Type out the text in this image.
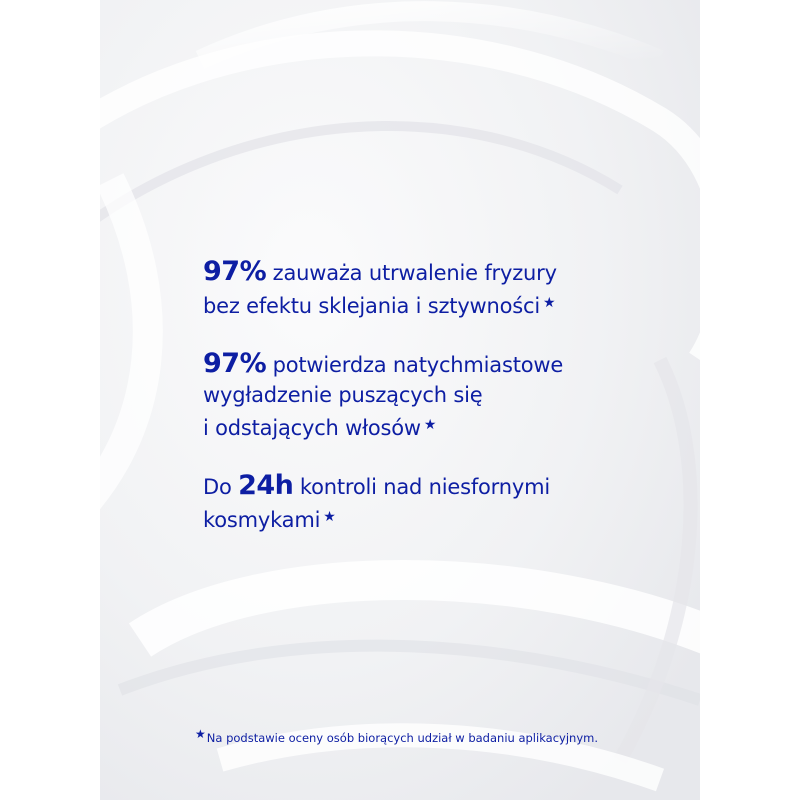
97% zauważa utrwalenie fryzury
bez efektu sklejania i sztywności ★
97% potwierdza natychmiastowe
wygładzenie puszących się
i odstających włosów ★
Do 24h kontroli nad niesfornymi
kosmykami ★
★Na podstawie oceny osób biorących udział w badaniu aplikacyjnym.
